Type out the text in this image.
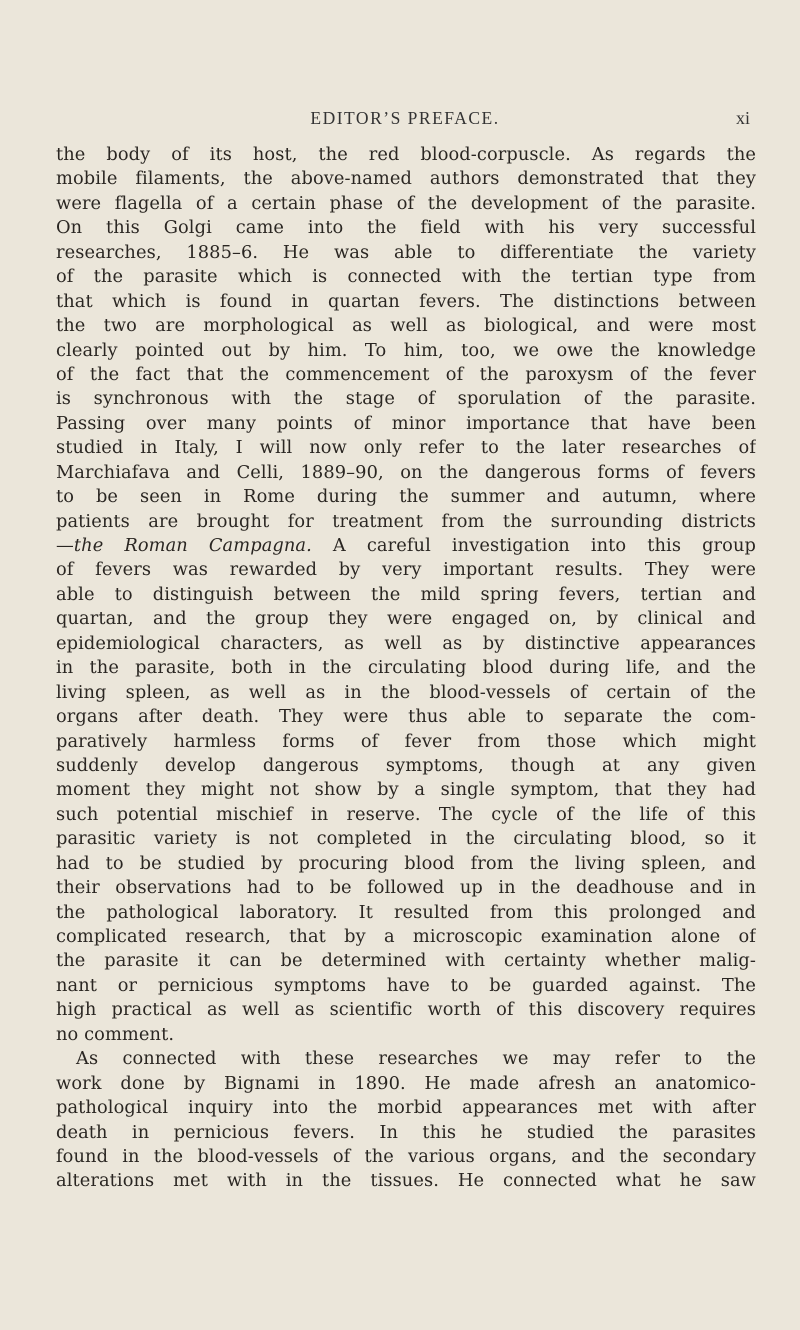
EDITOR’S PREFACE.	xi
the body of its host, the red blood-corpuscle. As regards the
mobile filaments, the above-named authors demonstrated that they
were flagella of a certain phase of the development of the parasite.
On this Golgi came into the field with his very successful
researches, 1885–6. He was able to differentiate the variety
of the parasite which is connected with the tertian type from
that which is found in quartan fevers. The distinctions between
the two are morphological as well as biological, and were most
clearly pointed out by him. To him, too, we owe the knowledge
of the fact that the commencement of the paroxysm of the fever
is synchronous with the stage of sporulation of the parasite.
Passing over many points of minor importance that have been
studied in Italy, I will now only refer to the later researches of
Marchiafava and Celli, 1889–90, on the dangerous forms of fevers
to be seen in Rome during the summer and autumn, where
patients are brought for treatment from the surrounding districts
—the Roman Campagna. A careful investigation into this group
of fevers was rewarded by very important results. They were
able to distinguish between the mild spring fevers, tertian and
quartan, and the group they were engaged on, by clinical and
epidemiological characters, as well as by distinctive appearances
in the parasite, both in the circulating blood during life, and the
living spleen, as well as in the blood-vessels of certain of the
organs after death. They were thus able to separate the com-
paratively harmless forms of fever from those which might
suddenly develop dangerous symptoms, though at any given
moment they might not show by a single symptom, that they had
such potential mischief in reserve. The cycle of the life of this
parasitic variety is not completed in the circulating blood, so it
had to be studied by procuring blood from the living spleen, and
their observations had to be followed up in the deadhouse and in
the pathological laboratory. It resulted from this prolonged and
complicated research, that by a microscopic examination alone of
the parasite it can be determined with certainty whether malig-
nant or pernicious symptoms have to be guarded against. The
high practical as well as scientific worth of this discovery requires
no comment.
As connected with these researches we may refer to the
work done by Bignami in 1890. He made afresh an anatomico-
pathological inquiry into the morbid appearances met with after
death in pernicious fevers. In this he studied the parasites
found in the blood-vessels of the various organs, and the secondary
alterations met with in the tissues. He connected what he saw
